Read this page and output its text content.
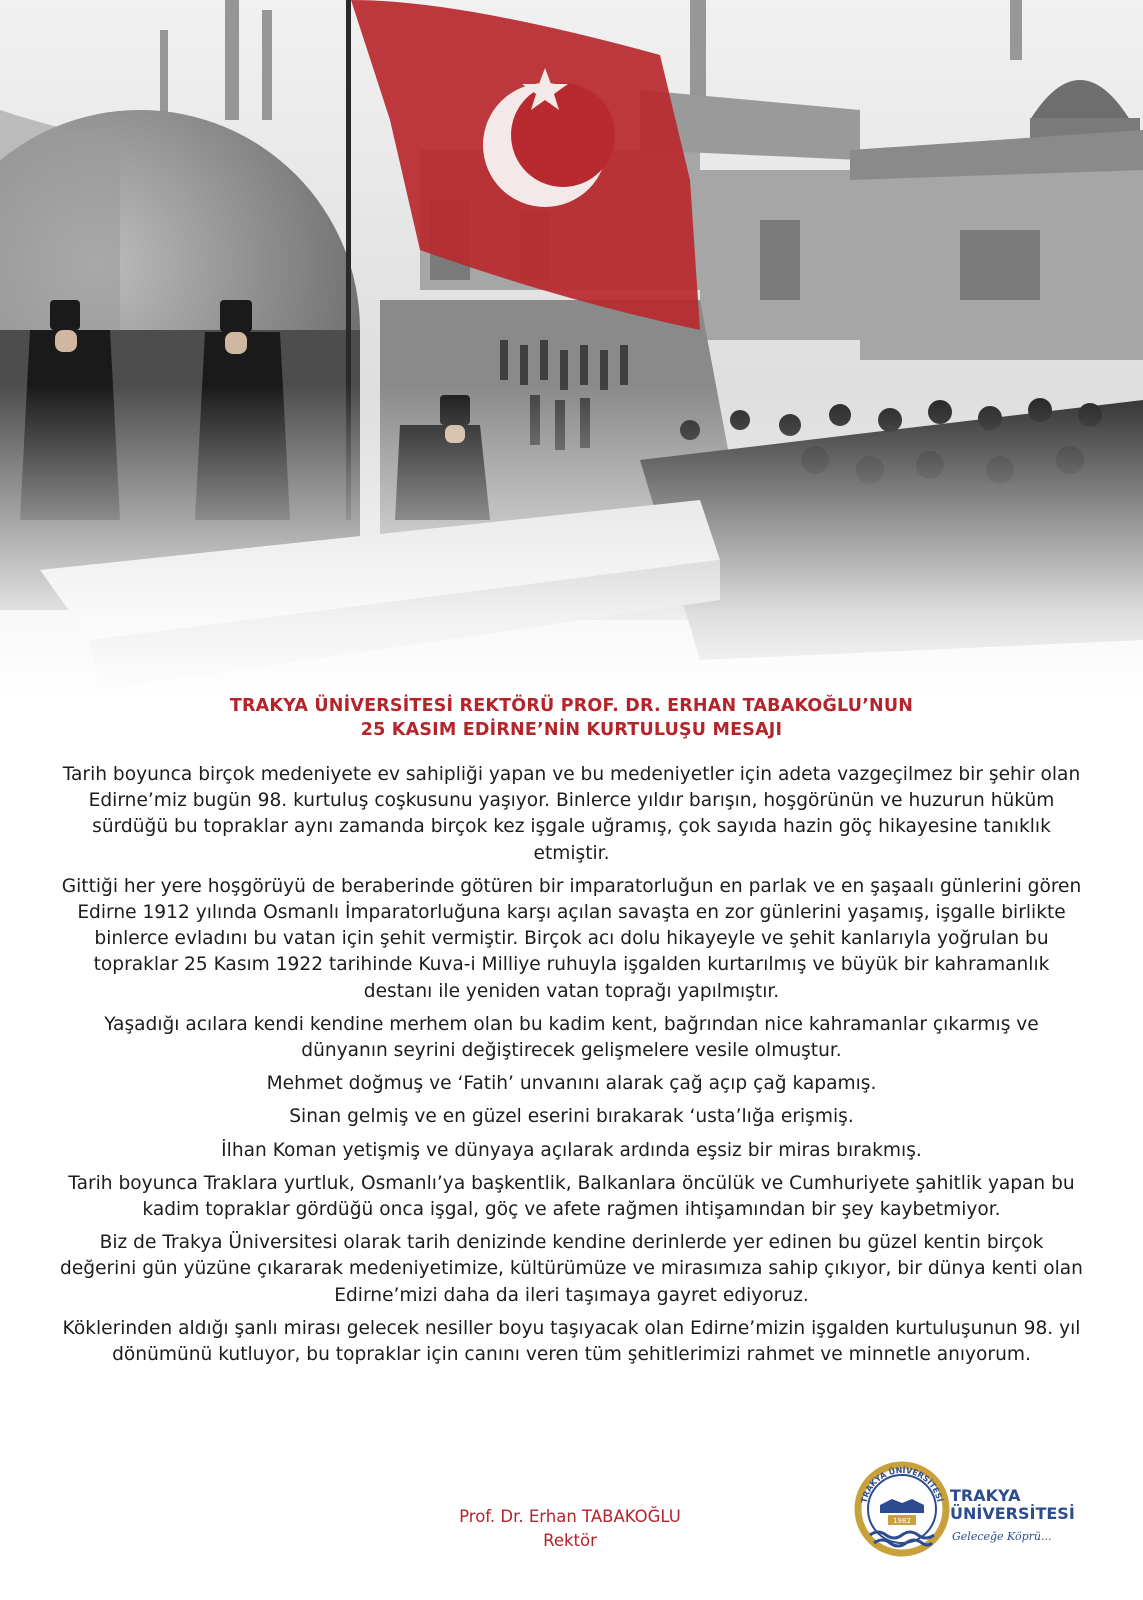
TRAKYA ÜNİVERSİTESİ REKTÖRÜ PROF. DR. ERHAN TABAKOĞLU’NUN
25 KASIM EDİRNE’NİN KURTULUŞU MESAJI

Tarih boyunca birçok medeniyete ev sahipliği yapan ve bu medeniyetler için adeta vazgeçilmez bir şehir olan Edirne’miz bugün 98. kurtuluş coşkusunu yaşıyor. Binlerce yıldır barışın, hoşgörünün ve huzurun hüküm sürdüğü bu topraklar aynı zamanda birçok kez işgale uğramış, çok sayıda hazin göç hikayesine tanıklık etmiştir.

Gittiği her yere hoşgörüyü de beraberinde götüren bir imparatorluğun en parlak ve en şaşaalı günlerini gören Edirne 1912 yılında Osmanlı İmparatorluğuna karşı açılan savaşta en zor günlerini yaşamış, işgalle birlikte binlerce evladını bu vatan için şehit vermiştir. Birçok acı dolu hikayeyle ve şehit kanlarıyla yoğrulan bu topraklar 25 Kasım 1922 tarihinde Kuva-i Milliye ruhuyla işgalden kurtarılmış ve büyük bir kahramanlık destanı ile yeniden vatan toprağı yapılmıştır.

Yaşadığı acılara kendi kendine merhem olan bu kadim kent, bağrından nice kahramanlar çıkarmış ve dünyanın seyrini değiştirecek gelişmelere vesile olmuştur.

Mehmet doğmuş ve ‘Fatih’ unvanını alarak çağ açıp çağ kapamış.

Sinan gelmiş ve en güzel eserini bırakarak ‘usta’lığa erişmiş.

İlhan Koman yetişmiş ve dünyaya açılarak ardında eşsiz bir miras bırakmış.

Tarih boyunca Traklara yurtluk, Osmanlı’ya başkentlik, Balkanlara öncülük ve Cumhuriyete şahitlik yapan bu kadim topraklar gördüğü onca işgal, göç ve afete rağmen ihtişamından bir şey kaybetmiyor.

Biz de Trakya Üniversitesi olarak tarih denizinde kendine derinlerde yer edinen bu güzel kentin birçok değerini gün yüzüne çıkararak medeniyetimize, kültürümüze ve mirasımıza sahip çıkıyor, bir dünya kenti olan Edirne’mizi daha da ileri taşımaya gayret ediyoruz.

Köklerinden aldığı şanlı mirası gelecek nesiller boyu taşıyacak olan Edirne’mizin işgalden kurtuluşunun 98. yıl dönümünü kutluyor, bu topraklar için canını veren tüm şehitlerimizi rahmet ve minnetle anıyorum.

Prof. Dr. Erhan TABAKOĞLU
Rektör
TRAKYA ÜNİVERSİTESİ
1982
TRAKYA
ÜNİVERSİTESİ
Geleceğe Köprü...
